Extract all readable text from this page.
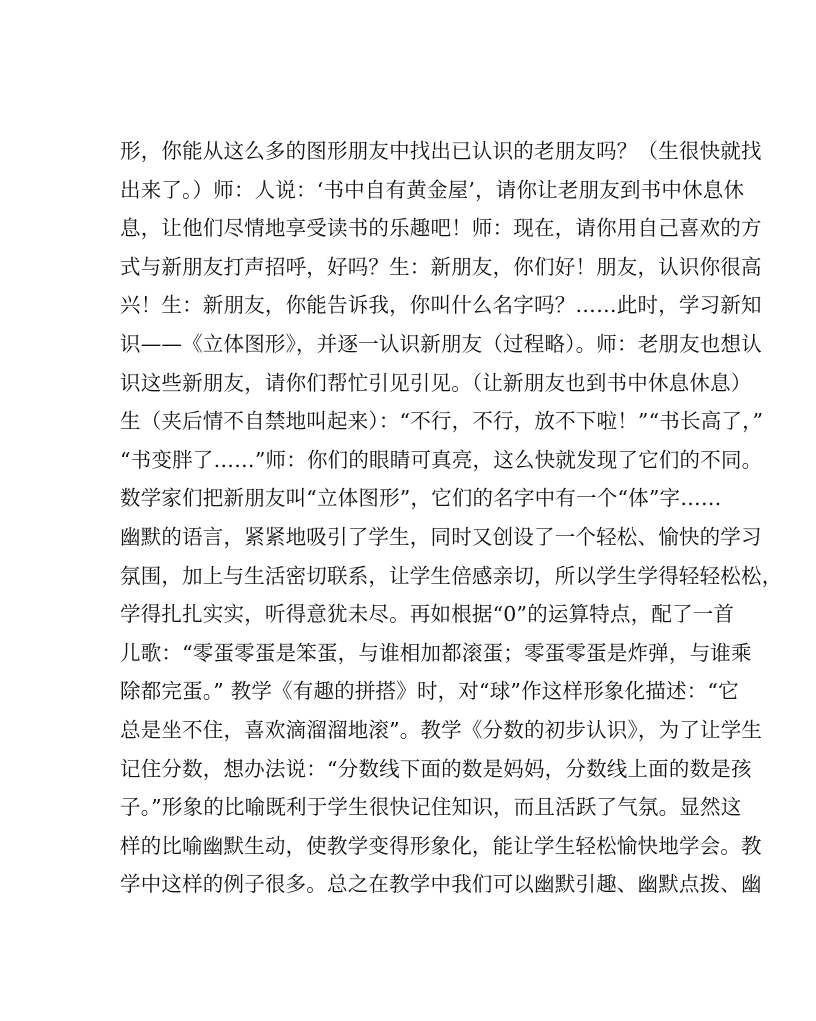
形，你能从这么多的图形朋友中找出已认识的老朋友吗？（生很快就找
出来了。）师：人说：‘书中自有黄金屋’，请你让老朋友到书中休息休
息，让他们尽情地享受读书的乐趣吧！师：现在，请你用自己喜欢的方
式与新朋友打声招呼，好吗？生：新朋友，你们好！朋友，认识你很高
兴！生：新朋友，你能告诉我，你叫什么名字吗？……此时，学习新知
识——《立体图形》，并逐一认识新朋友（过程略）。师：老朋友也想认
识这些新朋友，请你们帮忙引见引见。（让新朋友也到书中休息休息）
生（夹后情不自禁地叫起来）：“不行，不行，放不下啦！”“书长高了，”
“书变胖了……”师：你们的眼睛可真亮，这么快就发现了它们的不同。
数学家们把新朋友叫“立体图形”，它们的名字中有一个“体”字……
幽默的语言，紧紧地吸引了学生，同时又创设了一个轻松、愉快的学习
氛围，加上与生活密切联系，让学生倍感亲切，所以学生学得轻轻松松，
学得扎扎实实，听得意犹未尽。再如根据“0”的运算特点，配了一首
儿歌：“零蛋零蛋是笨蛋，与谁相加都滚蛋；零蛋零蛋是炸弹，与谁乘
除都完蛋。” 教学《有趣的拼搭》时，对“球”作这样形象化描述：“它
总是坐不住，喜欢滴溜溜地滚”。教学《分数的初步认识》，为了让学生
记住分数，想办法说：“分数线下面的数是妈妈，分数线上面的数是孩
子。”形象的比喻既利于学生很快记住知识，而且活跃了气氛。显然这
样的比喻幽默生动，使教学变得形象化，能让学生轻松愉快地学会。教
学中这样的例子很多。总之在教学中我们可以幽默引趣、幽默点拨、幽
